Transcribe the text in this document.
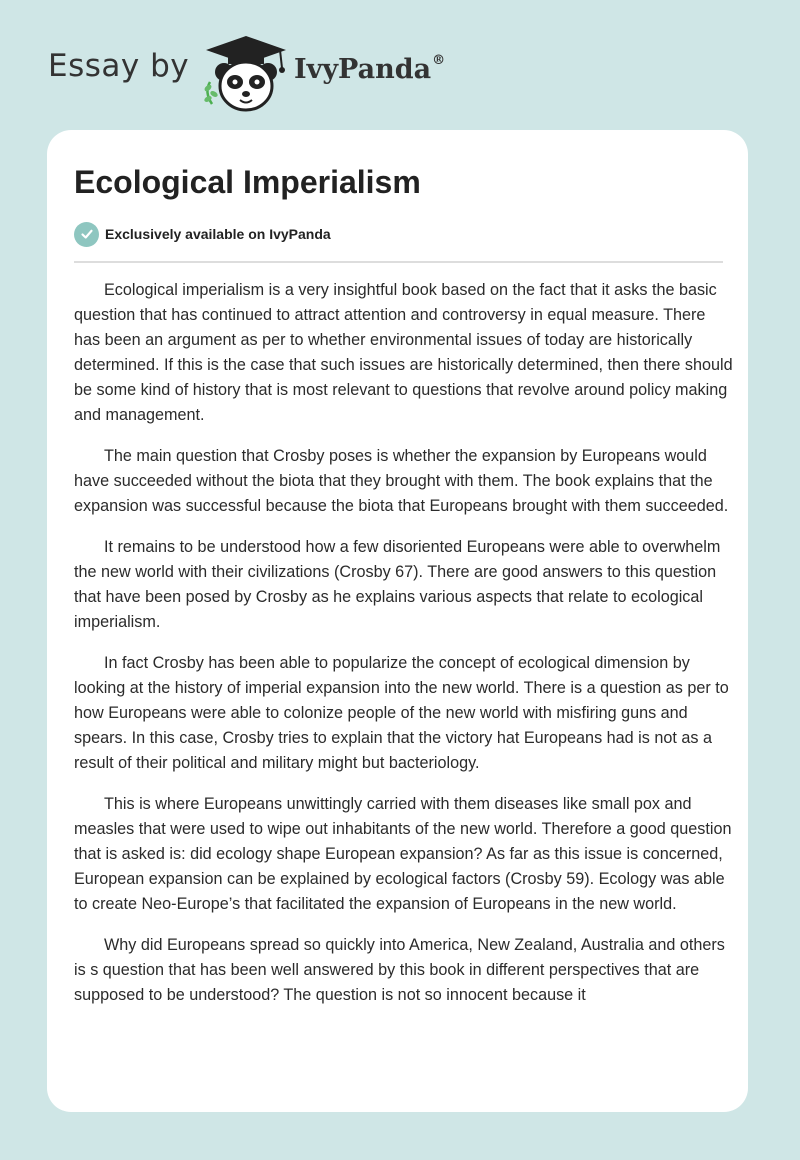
Essay by	IvyPanda®
Ecological Imperialism
Exclusively available on IvyPanda

Ecological imperialism is a very insightful book based on the fact that it asks the basic question that has continued to attract attention and controversy in equal measure. There has been an argument as per to whether environmental issues of today are historically determined. If this is the case that such issues are historically determined, then there should be some kind of history that is most relevant to questions that revolve around policy making and management.

The main question that Crosby poses is whether the expansion by Europeans would have succeeded without the biota that they brought with them. The book explains that the expansion was successful because the biota that Europeans brought with them succeeded.

It remains to be understood how a few disoriented Europeans were able to overwhelm the new world with their civilizations (Crosby 67). There are good answers to this question that have been posed by Crosby as he explains various aspects that relate to ecological imperialism.

In fact Crosby has been able to popularize the concept of ecological dimension by looking at the history of imperial expansion into the new world. There is a question as per to how Europeans were able to colonize people of the new world with misfiring guns and spears. In this case, Crosby tries to explain that the victory hat Europeans had is not as a result of their political and military might but bacteriology.

This is where Europeans unwittingly carried with them diseases like small pox and measles that were used to wipe out inhabitants of the new world. Therefore a good question that is asked is: did ecology shape European expansion? As far as this issue is concerned, European expansion can be explained by ecological factors (Crosby 59). Ecology was able to create Neo-Europe’s that facilitated the expansion of Europeans in the new world.

Why did Europeans spread so quickly into America, New Zealand, Australia and others is s question that has been well answered by this book in different perspectives that are supposed to be understood? The question is not so innocent because it
